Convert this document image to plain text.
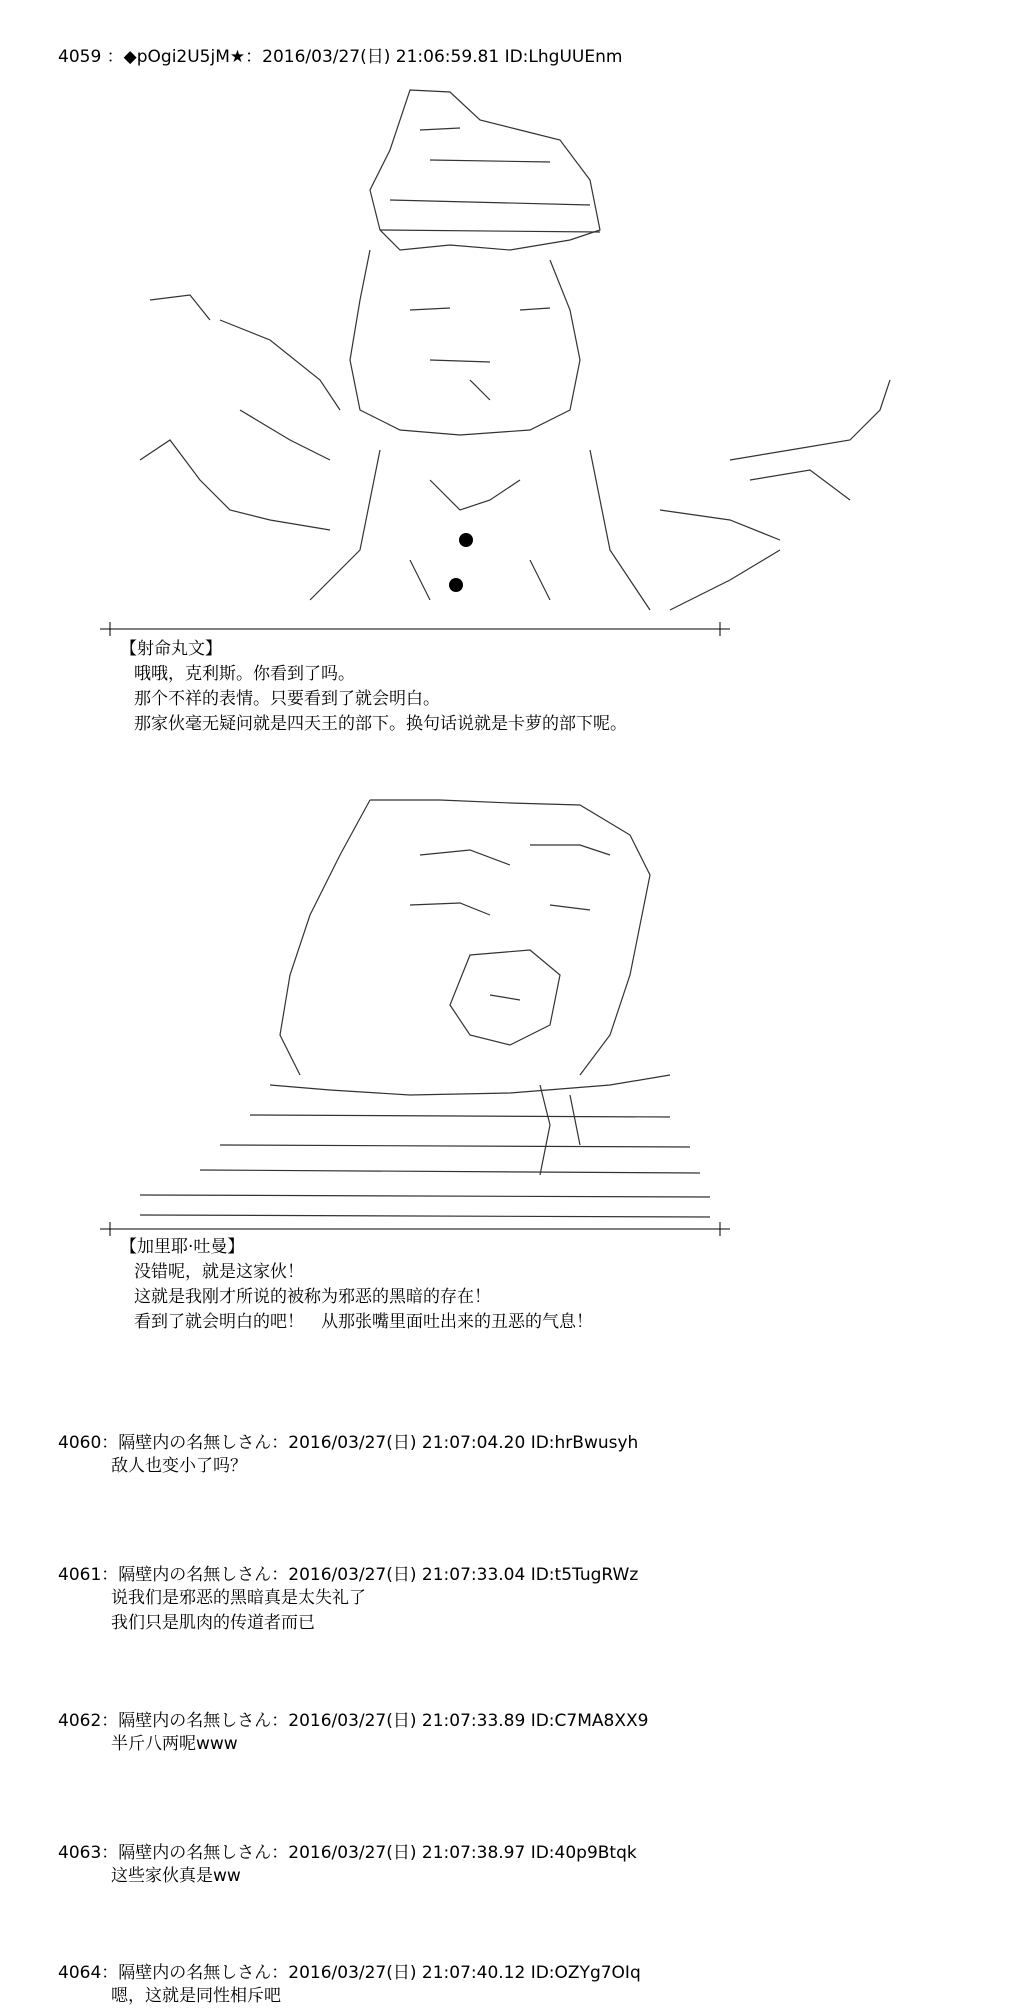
4059 ：◆pOgi2U5jM★：2016/03/27(日) 21:06:59.81 ID:LhgUUEnm
【射命丸文】
哦哦，克利斯。你看到了吗。
那个不祥的表情。只要看到了就会明白。
那家伙毫无疑问就是四天王的部下。换句话说就是卡萝的部下呢。
【加里耶·吐曼】
没错呢，就是这家伙！
这就是我刚才所说的被称为邪恶的黑暗的存在！
看到了就会明白的吧！　从那张嘴里面吐出来的丑恶的气息！
4060：隔壁内の名無しさん：2016/03/27(日) 21:07:04.20 ID:hrBwusyh
敌人也变小了吗？
4061：隔壁内の名無しさん：2016/03/27(日) 21:07:33.04 ID:t5TugRWz
说我们是邪恶的黑暗真是太失礼了
我们只是肌肉的传道者而已
4062：隔壁内の名無しさん：2016/03/27(日) 21:07:33.89 ID:C7MA8XX9
半斤八两呢www
4063：隔壁内の名無しさん：2016/03/27(日) 21:07:38.97 ID:40p9Btqk
这些家伙真是ww
4064：隔壁内の名無しさん：2016/03/27(日) 21:07:40.12 ID:OZYg7OIq
嗯，这就是同性相斥吧
